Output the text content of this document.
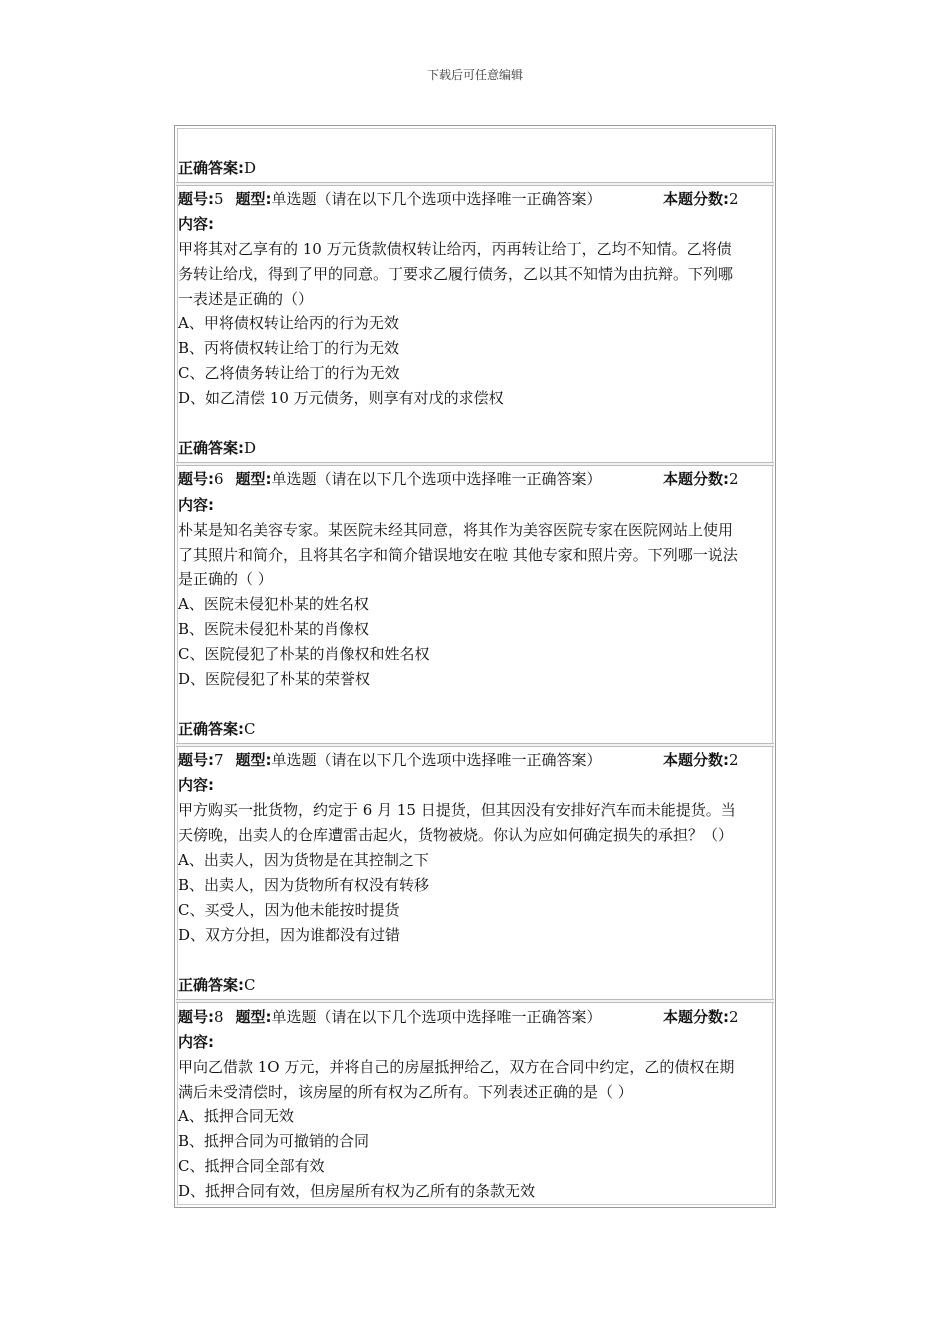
下载后可任意编辑
正确答案:D
题号:5 题型:单选题（请在以下几个选项中选择唯一正确答案）	本题分数:2
内容:
甲将其对乙享有的 10 万元货款债权转让给丙，丙再转让给丁，乙均不知情。乙将债
务转让给戊，得到了甲的同意。丁要求乙履行债务，乙以其不知情为由抗辩。下列哪
一表述是正确的（）
A、甲将债权转让给丙的行为无效
B、丙将债权转让给丁的行为无效
C、乙将债务转让给丁的行为无效
D、如乙清偿 10 万元债务，则享有对戊的求偿权
正确答案:D
题号:6 题型:单选题（请在以下几个选项中选择唯一正确答案）	本题分数:2
内容:
朴某是知名美容专家。某医院未经其同意，将其作为美容医院专家在医院网站上使用
了其照片和简介，且将其名字和简介错误地安在啦 其他专家和照片旁。下列哪一说法
是正确的（ ）
A、医院未侵犯朴某的姓名权
B、医院未侵犯朴某的肖像权
C、医院侵犯了朴某的肖像权和姓名权
D、医院侵犯了朴某的荣誉权
正确答案:C
题号:7 题型:单选题（请在以下几个选项中选择唯一正确答案）	本题分数:2
内容:
甲方购买一批货物，约定于 6 月 15 日提货，但其因没有安排好汽车而未能提货。当
天傍晚，出卖人的仓库遭雷击起火，货物被烧。你认为应如何确定损失的承担？（）
A、出卖人，因为货物是在其控制之下
B、出卖人，因为货物所有权没有转移
C、买受人，因为他未能按时提货
D、双方分担，因为谁都没有过错
正确答案:C
题号:8 题型:单选题（请在以下几个选项中选择唯一正确答案）	本题分数:2
内容:
甲向乙借款 1O 万元，并将自己的房屋抵押给乙，双方在合同中约定，乙的债权在期
满后未受清偿时，该房屋的所有权为乙所有。下列表述正确的是（ ）
A、抵押合同无效
B、抵押合同为可撤销的合同
C、抵押合同全部有效
D、抵押合同有效，但房屋所有权为乙所有的条款无效
